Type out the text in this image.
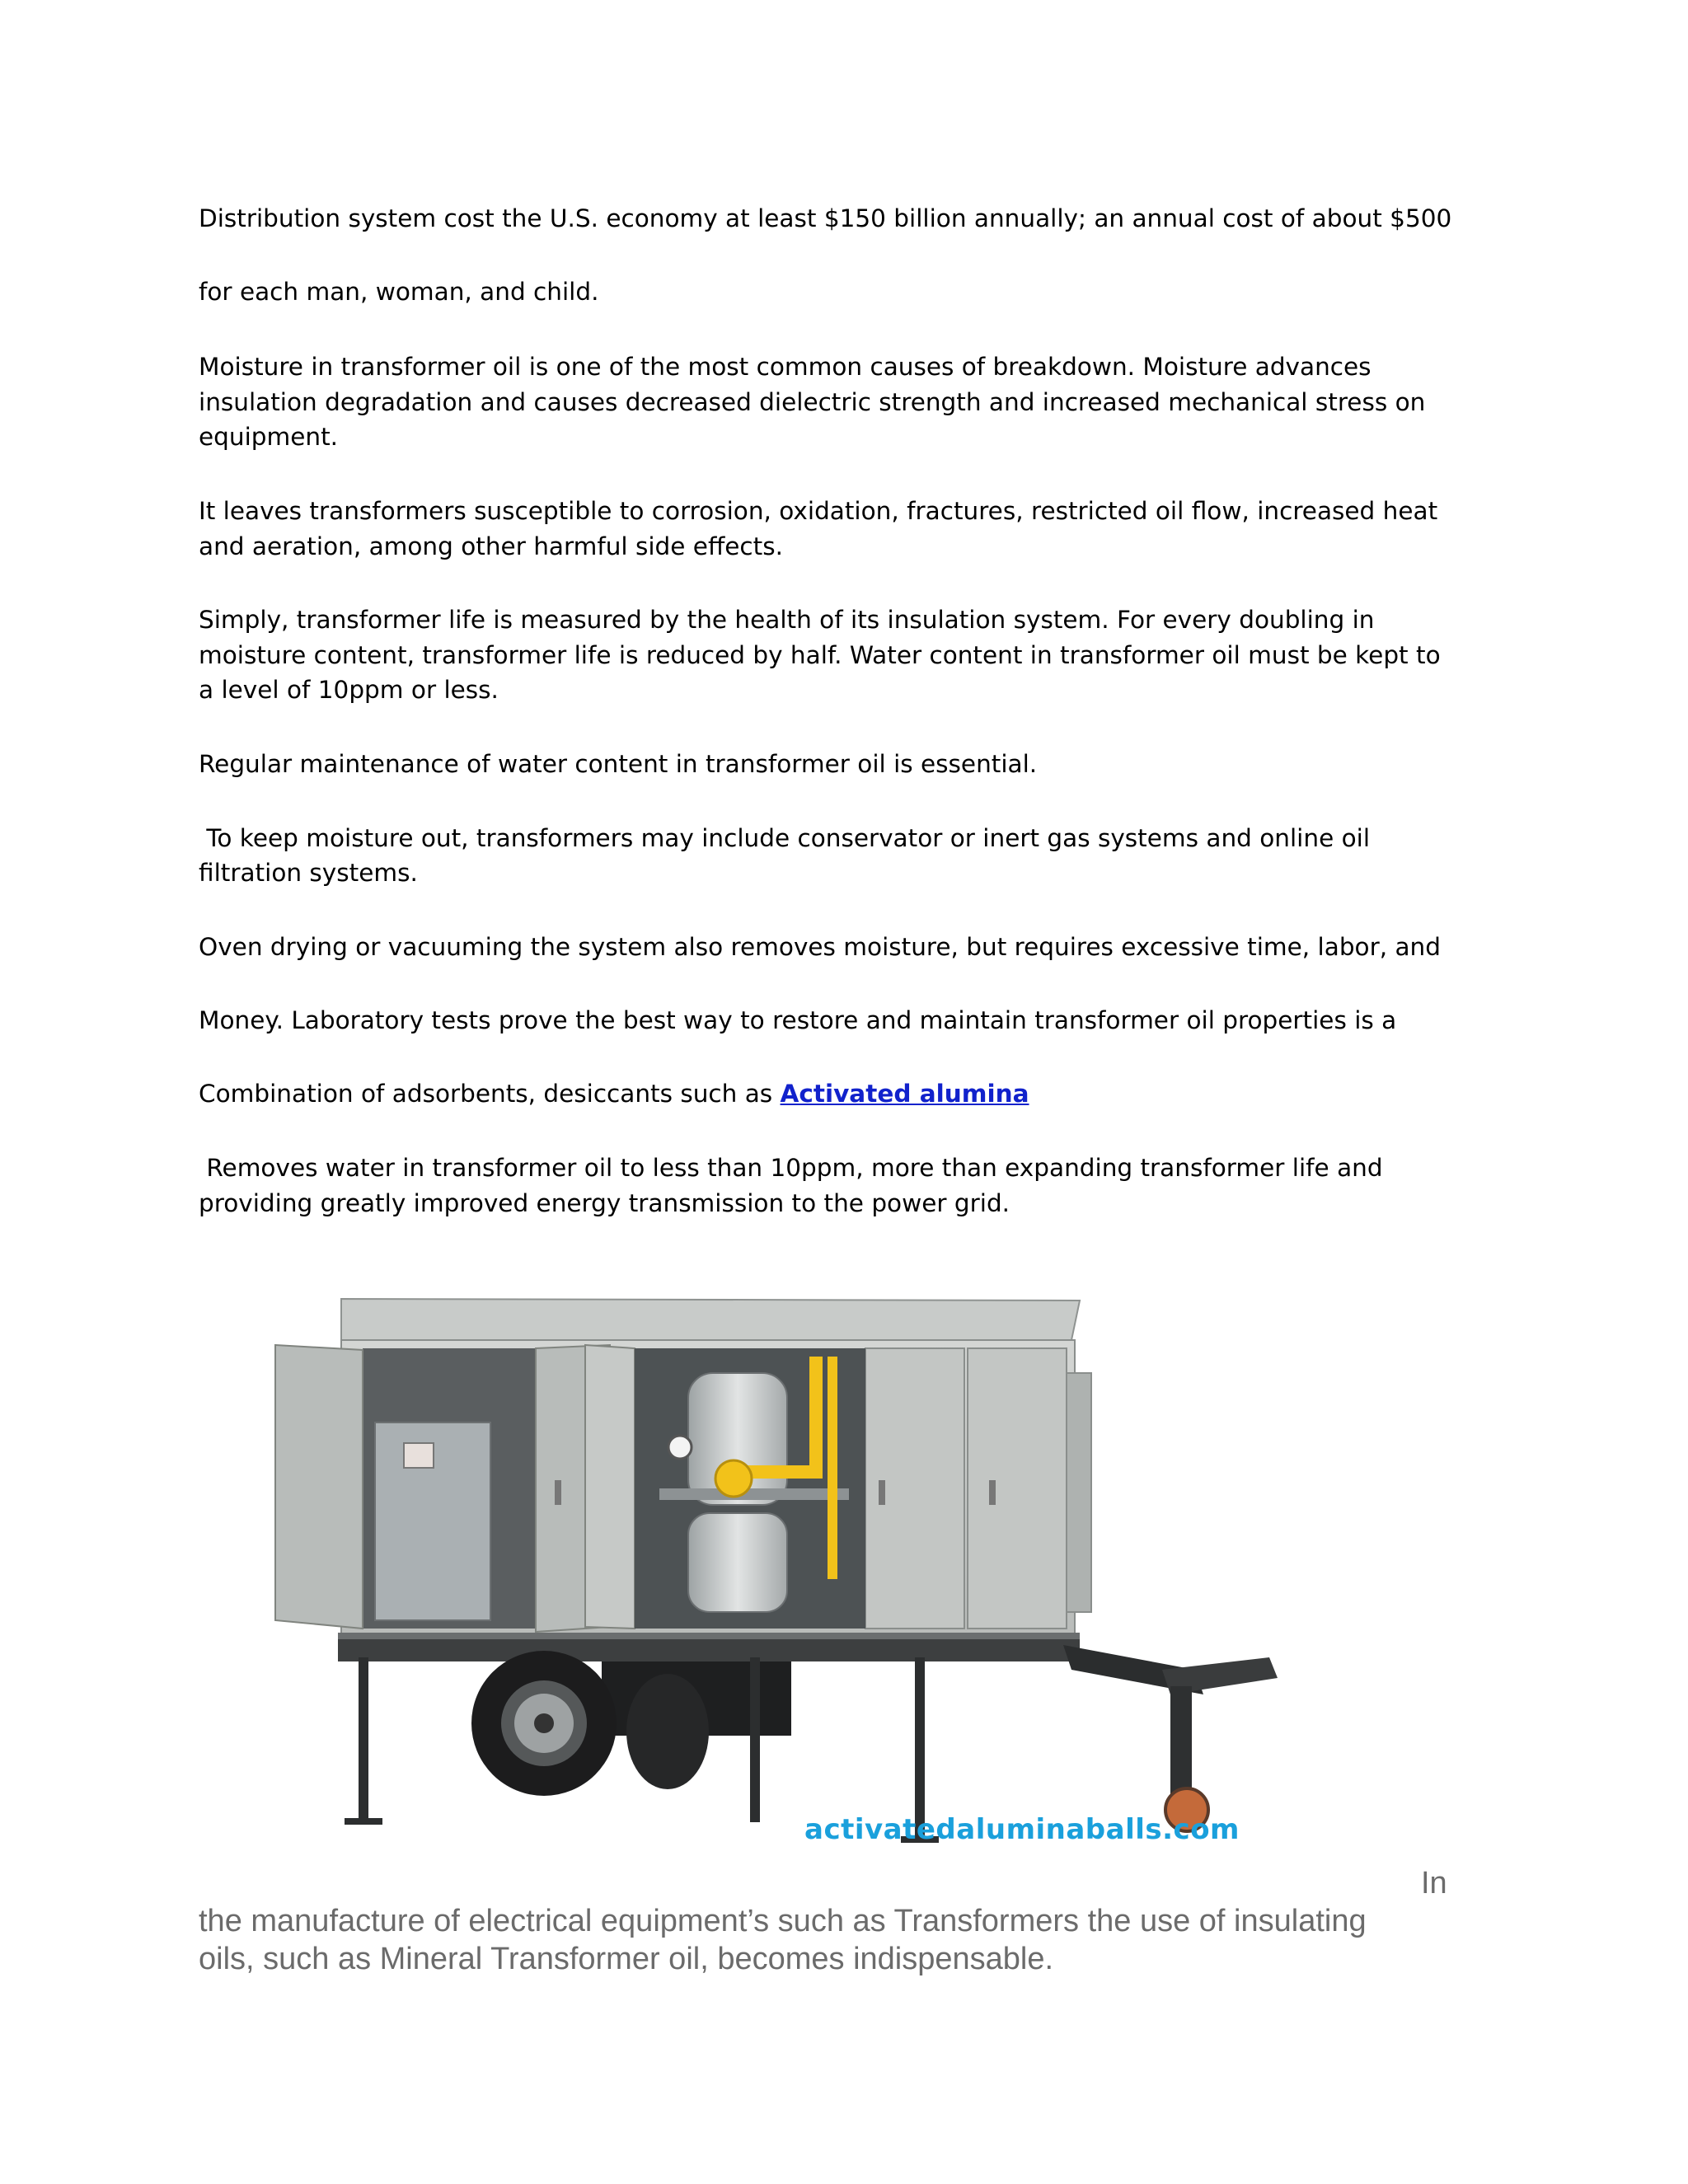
Distribution system cost the U.S. economy at least $150 billion annually; an annual cost of about $500

for each man, woman, and child.

Moisture in transformer oil is one of the most common causes of breakdown. Moisture advances

insulation degradation and causes decreased dielectric strength and increased mechanical stress on

equipment.

It leaves transformers susceptible to corrosion, oxidation, fractures, restricted oil flow, increased heat

and aeration, among other harmful side effects.

Simply, transformer life is measured by the health of its insulation system. For every doubling in

moisture content, transformer life is reduced by half. Water content in transformer oil must be kept to

a level of 10ppm or less.

Regular maintenance of water content in transformer oil is essential.

To keep moisture out, transformers may include conservator or inert gas systems and online oil

filtration systems.

Oven drying or vacuuming the system also removes moisture, but requires excessive time, labor, and

Money. Laboratory tests prove the best way to restore and maintain transformer oil properties is a

Combination of adsorbents, desiccants such as Activated alumina

Removes water in transformer oil to less than 10ppm, more than expanding transformer life and

providing greatly improved energy transmission to the power grid.

activatedaluminaballs.com

In

the manufacture of electrical equipment’s such as Transformers the use of insulating

oils, such as Mineral Transformer oil, becomes indispensable.
